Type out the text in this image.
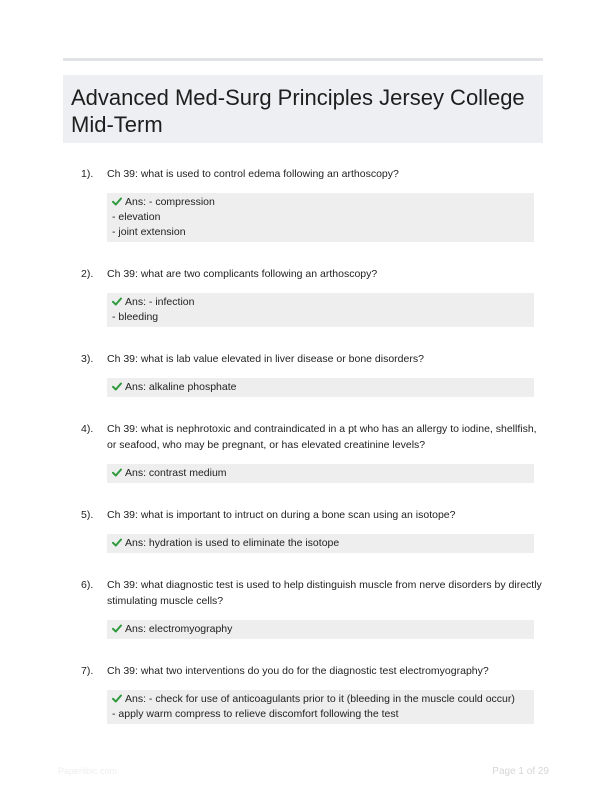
Advanced Med-Surg Principles Jersey College Mid-Term
1). Ch 39: what is used to control edema following an arthoscopy?
Ans: - compression
- elevation
- joint extension
2). Ch 39: what are two complicants following an arthoscopy?
Ans: - infection
- bleeding
3). Ch 39: what is lab value elevated in liver disease or bone disorders?
Ans: alkaline phosphate
4). Ch 39: what is nephrotoxic and contraindicated in a pt who has an allergy to iodine, shellfish, or seafood, who may be pregnant, or has elevated creatinine levels?
Ans: contrast medium
5). Ch 39: what is important to intruct on during a bone scan using an isotope?
Ans: hydration is used to eliminate the isotope
6). Ch 39: what diagnostic test is used to help distinguish muscle from nerve disorders by directly stimulating muscle cells?
Ans: electromyography
7). Ch 39: what two interventions do you do for the diagnostic test electromyography?
Ans: - check for use of anticoagulants prior to it (bleeding in the muscle could occur)
- apply warm compress to relieve discomfort following the test
Paperlibic.com	Page 1 of 29
